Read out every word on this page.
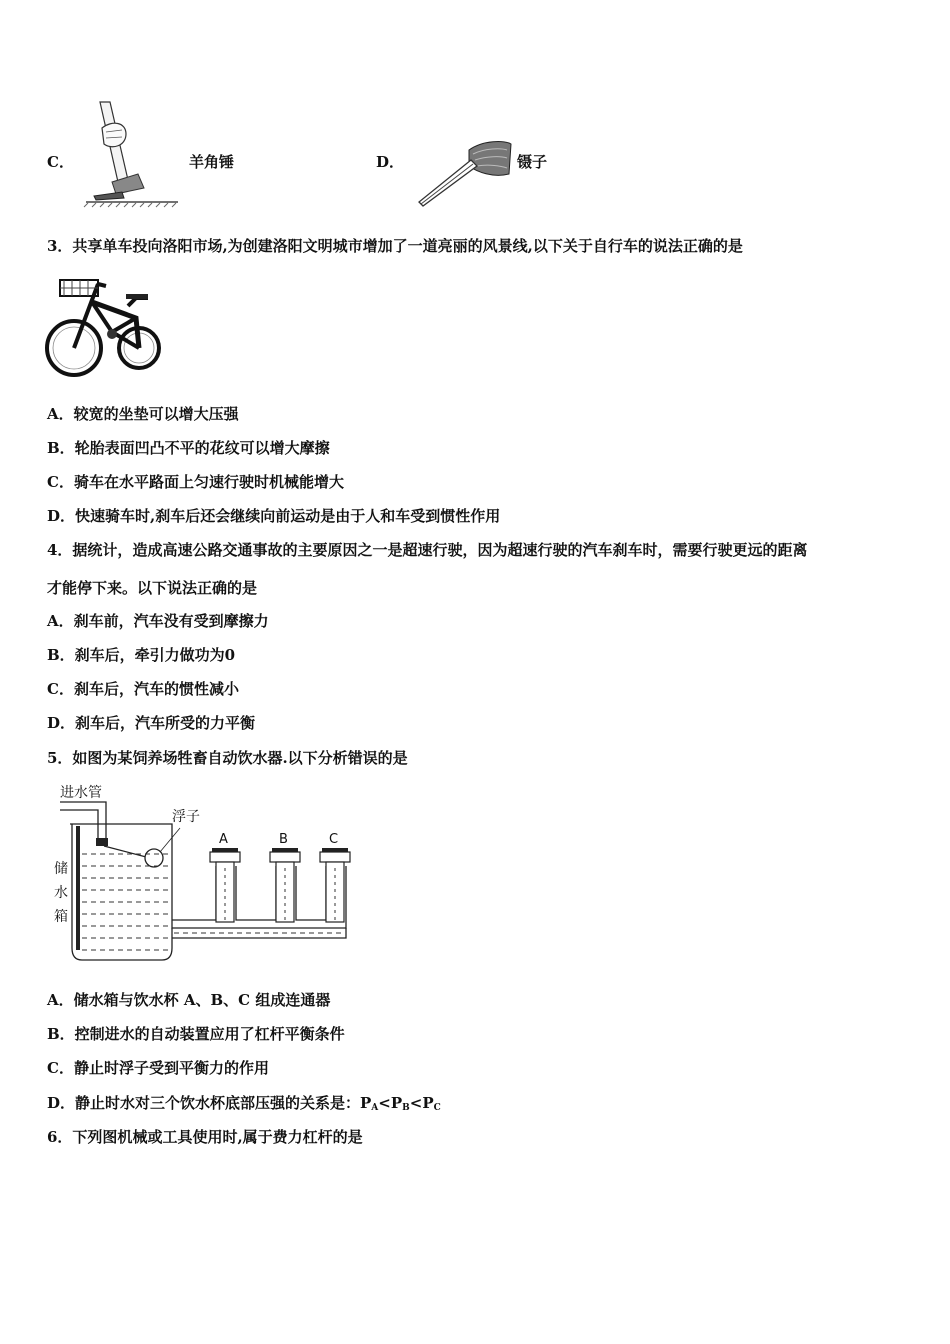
C．	羊角锤	D．	镊子
3．共享单车投向洛阳市场,为创建洛阳文明城市增加了一道亮丽的风景线,以下关于自行车的说法正确的是
A．较宽的坐垫可以增大压强
B．轮胎表面凹凸不平的花纹可以增大摩擦
C．骑车在水平路面上匀速行驶时机械能增大
D．快速骑车时,刹车后还会继续向前运动是由于人和车受到惯性作用
4．据统计，造成高速公路交通事故的主要原因之一是超速行驶，因为超速行驶的汽车刹车时，需要行驶更远的距离
才能停下来。以下说法正确的是
A．刹车前，汽车没有受到摩擦力
B．刹车后，牵引力做功为0
C．刹车后，汽车的惯性减小
D．刹车后，汽车所受的力平衡
5．如图为某饲养场牲畜自动饮水器.以下分析错误的是
进水管
浮子
储
水
箱
A	B	C
A．储水箱与饮水杯 A、B、C 组成连通器
B．控制进水的自动装置应用了杠杆平衡条件
C．静止时浮子受到平衡力的作用
D．静止时水对三个饮水杯底部压强的关系是：$P_A<P_B<P_C$
6．下列图机械或工具使用时,属于费力杠杆的是
